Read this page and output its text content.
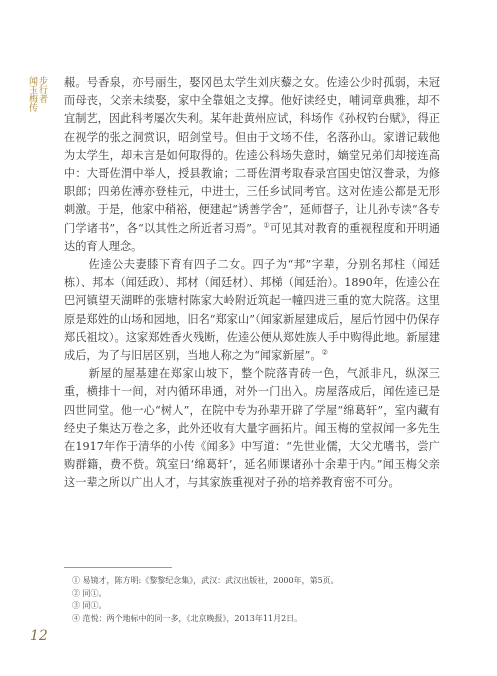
步行者
闻玉梅传 赧。号香泉，亦号丽生，娶冈邑太学生刘庆藜之女。佐逵公少时孤弱，未冠而母丧，父亲未续娶，家中全靠姐之支撑。他好读经史，哺词章典雅，却不宜制艺，因此科考屡次失利。某年赴黄州应试，科场作《孙权钓台赋》，得正在视学的张之洞赏识，昭剑堂号。但由于文场不佳，名落孙山。家谱记载他为太学生，却未言是如何取得的。佐逵公科场失意时，嫡堂兄弟们却接连高中：大哥佐渭中举人，授县教谕；二哥佐渭考取春录宫国史馆汉誊录，为修职郎；四弟佐溥亦登桂元，中进士，三任乡试同考官。这对佐逵公都是无形刺激。于是，他家中稍裕，便建起“诱善学舍”，延师督子，让儿孙专读“各专门学诸书”，各“以其性之所近者习焉”。①可见其对教育的重视程度和开明通达的育人理念。

佐逵公夫妻膝下育有四子二女。四子为“邦”字辈，分别名邦柱（闻廷栋）、邦本（闻廷政）、邦材（闻廷材）、邦梯（闻廷治）。1890年，佐逵公在巴河镇望天湖畔的张塘村陈家大岭附近筑起一幢四进三重的宽大院落。这里原是郑姓的山场和园地，旧名“郑家山”（闻家新屋建成后，屋后竹园中仍保存郑氏祖坟）。这家郑姓香火残断，佐逵公便从郑姓族人手中购得此地。新屋建成后，为了与旧居区别，当地人称之为“闻家新屋”。②

新屋的屋基建在郑家山坡下，整个院落青砖一色，气派非凡，纵深三重，横排十一间，对内循环串通，对外一门出入。房屋落成后，闻佐逵已是四世同堂。他一心“树人”，在院中专为孙辈开辟了学屋“绵葛轩”，室内藏有经史子集达万卷之多，此外还收有大量字画拓片。闻玉梅的堂叔闻一多先生在1917年作于清华的小传《闻多》中写道：“先世业儒，大父尤嗜书，尝广购群籍，费不赀。筑室曰‘绵葛轩’，延名师课诸孙十余辈于内。”闻玉梅父亲这一辈之所以广出人才，与其家族重视对子孙的培养教育密不可分。

① 易镜才，陈方明:《黎黎纪念集》，武汉：武汉出版社，2000年，第5页。
② 同①。
③ 同①。
④ 范悦：两个地标中的同一多，《北京晚报》，2013年11月2日。
12
